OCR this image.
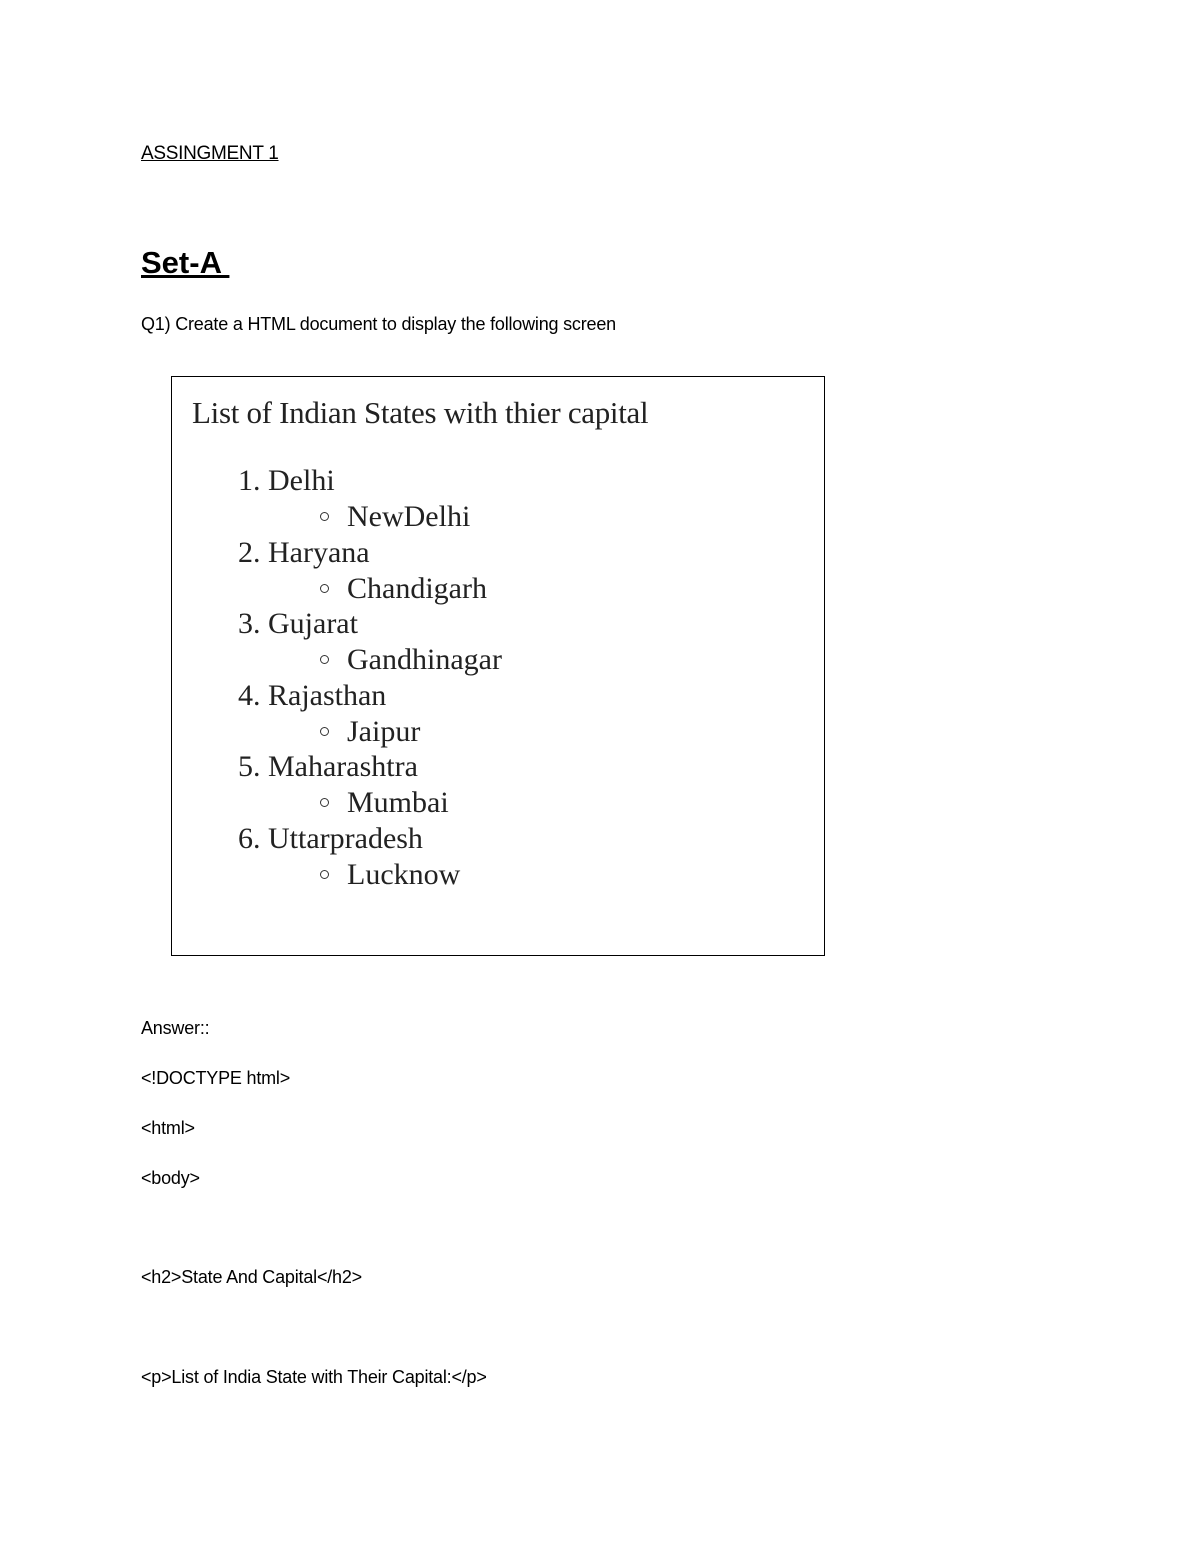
ASSINGMENT 1
Set-A
Q1) Create a HTML document to display the following screen
List of Indian States with thier capital
1. Delhi
NewDelhi
2. Haryana
Chandigarh
3. Gujarat
Gandhinagar
4. Rajasthan
Jaipur
5. Maharashtra
Mumbai
6. Uttarpradesh
Lucknow
Answer::
<!DOCTYPE html>
<html>
<body>
<h2>State And Capital</h2>
<p>List of India State with Their Capital:</p>
